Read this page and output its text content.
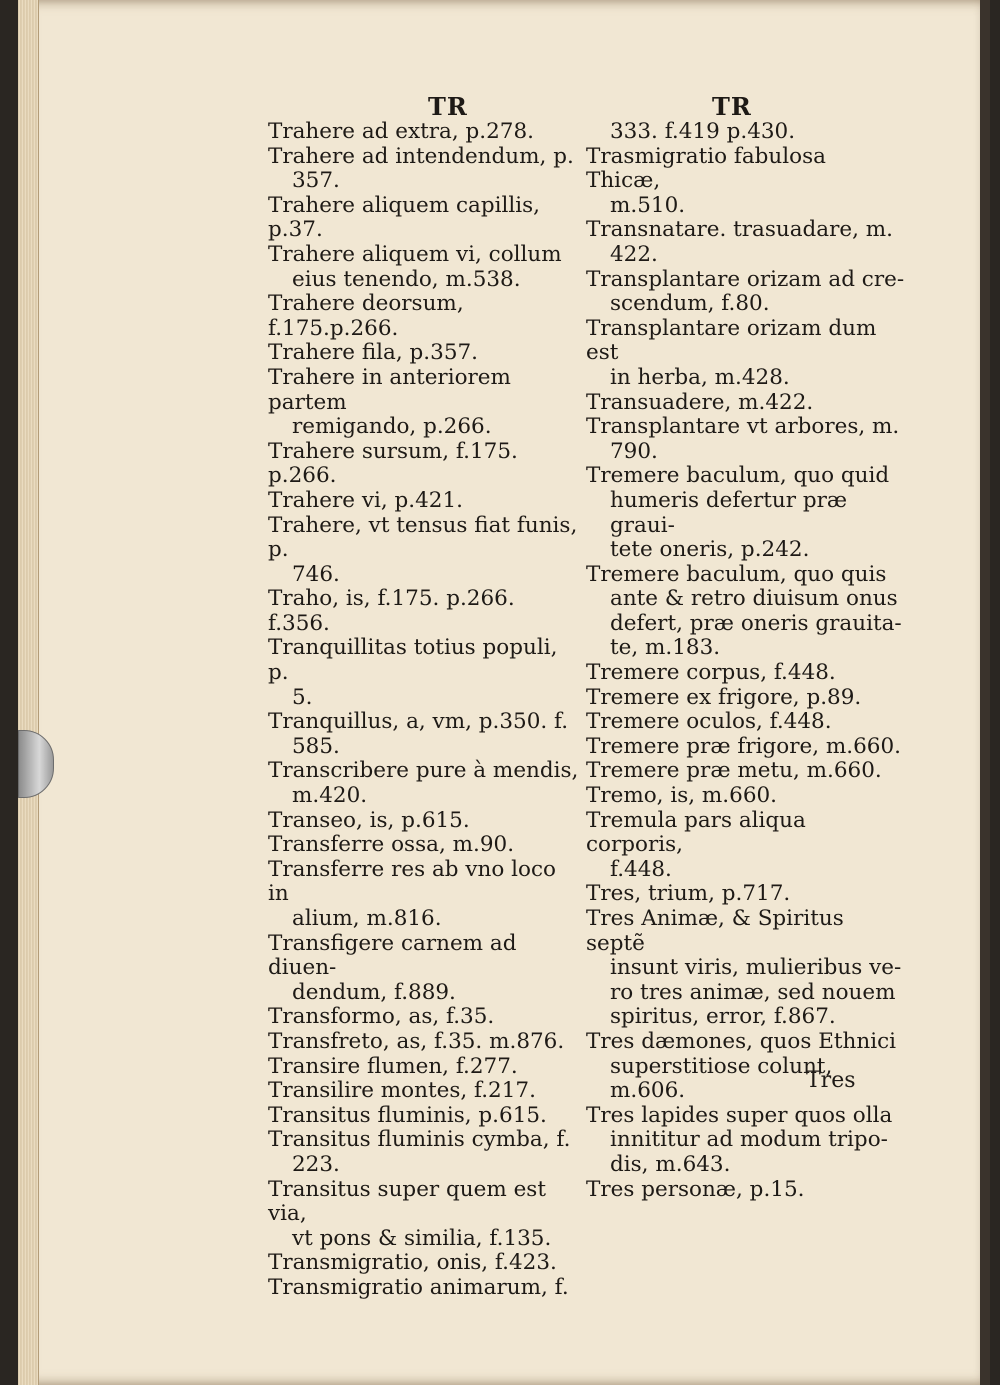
TR
Trahere ad extra, p.278.
Trahere ad intendendum, p.
357.
Trahere aliquem capillis, p.37.
Trahere aliquem vi, collum
eius tenendo, m.538.
Trahere deorsum, f.175.p.266.
Trahere fila, p.357.
Trahere in anteriorem partem
remigando, p.266.
Trahere sursum, f.175. p.266.
Trahere vi, p.421.
Trahere, vt tensus fiat funis, p.
746.
Traho, is, f.175. p.266. f.356.
Tranquillitas totius populi, p.
5.
Tranquillus, a, vm, p.350. f.
585.
Transcribere pure à mendis,
m.420.
Transeo, is, p.615.
Transferre ossa, m.90.
Transferre res ab vno loco in
alium, m.816.
Transfigere carnem ad diuen-
dendum, f.889.
Transformo, as, f.35.
Transfreto, as, f.35. m.876.
Transire flumen, f.277.
Transilire montes, f.217.
Transitus fluminis, p.615.
Transitus fluminis cymba, f.
223.
Transitus super quem est via,
vt pons & similia, f.135.
Transmigratio, onis, f.423.
Transmigratio animarum, f.
TR
333. f.419 p.430.
Trasmigratio fabulosa Thicæ,
m.510.
Transnatare. trasuadare, m.
422.
Transplantare orizam ad cre-
scendum, f.80.
Transplantare orizam dum est
in herba, m.428.
Transuadere, m.422.
Transplantare vt arbores, m.
790.
Tremere baculum, quo quid
humeris defertur præ graui-
tete oneris, p.242.
Tremere baculum, quo quis
ante & retro diuisum onus
defert, præ oneris grauita-
te, m.183.
Tremere corpus, f.448.
Tremere ex frigore, p.89.
Tremere oculos, f.448.
Tremere præ frigore, m.660.
Tremere præ metu, m.660.
Tremo, is, m.660.
Tremula pars aliqua corporis,
f.448.
Tres, trium, p.717.
Tres Animæ, & Spiritus septẽ
insunt viris, mulieribus ve-
ro tres animæ, sed nouem
spiritus, error, f.867.
Tres dæmones, quos Ethnici
superstitiose colunt, m.606.
Tres lapides super quos olla
innititur ad modum tripo-
dis, m.643.
Tres personæ, p.15.
Tres
